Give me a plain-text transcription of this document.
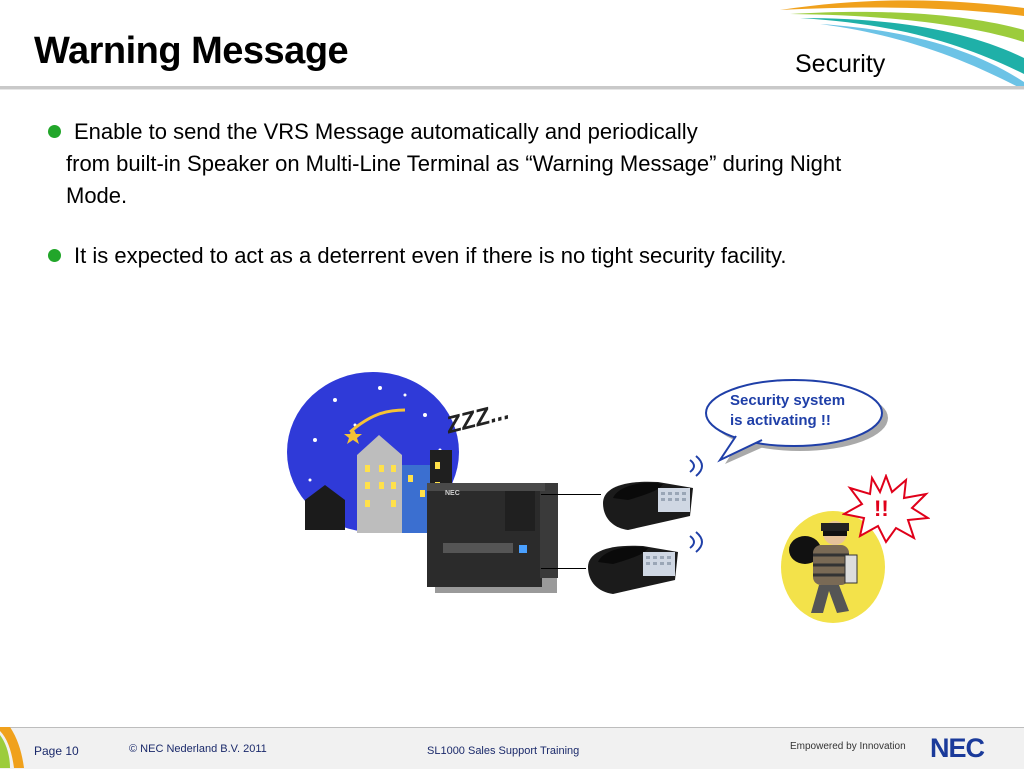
Warning Message	Security
Enable to send the VRS Message automatically and periodically
from built-in Speaker on Multi-Line Terminal as “Warning Message” during Night
Mode.
It is expected to act as a deterrent even if there is no tight security facility.
ZZZ...
NEC
Security system
is activating !!
!!
Page 10	© NEC Nederland B.V. 2011	SL1000 Sales Support Training	Empowered by Innovation NEC
